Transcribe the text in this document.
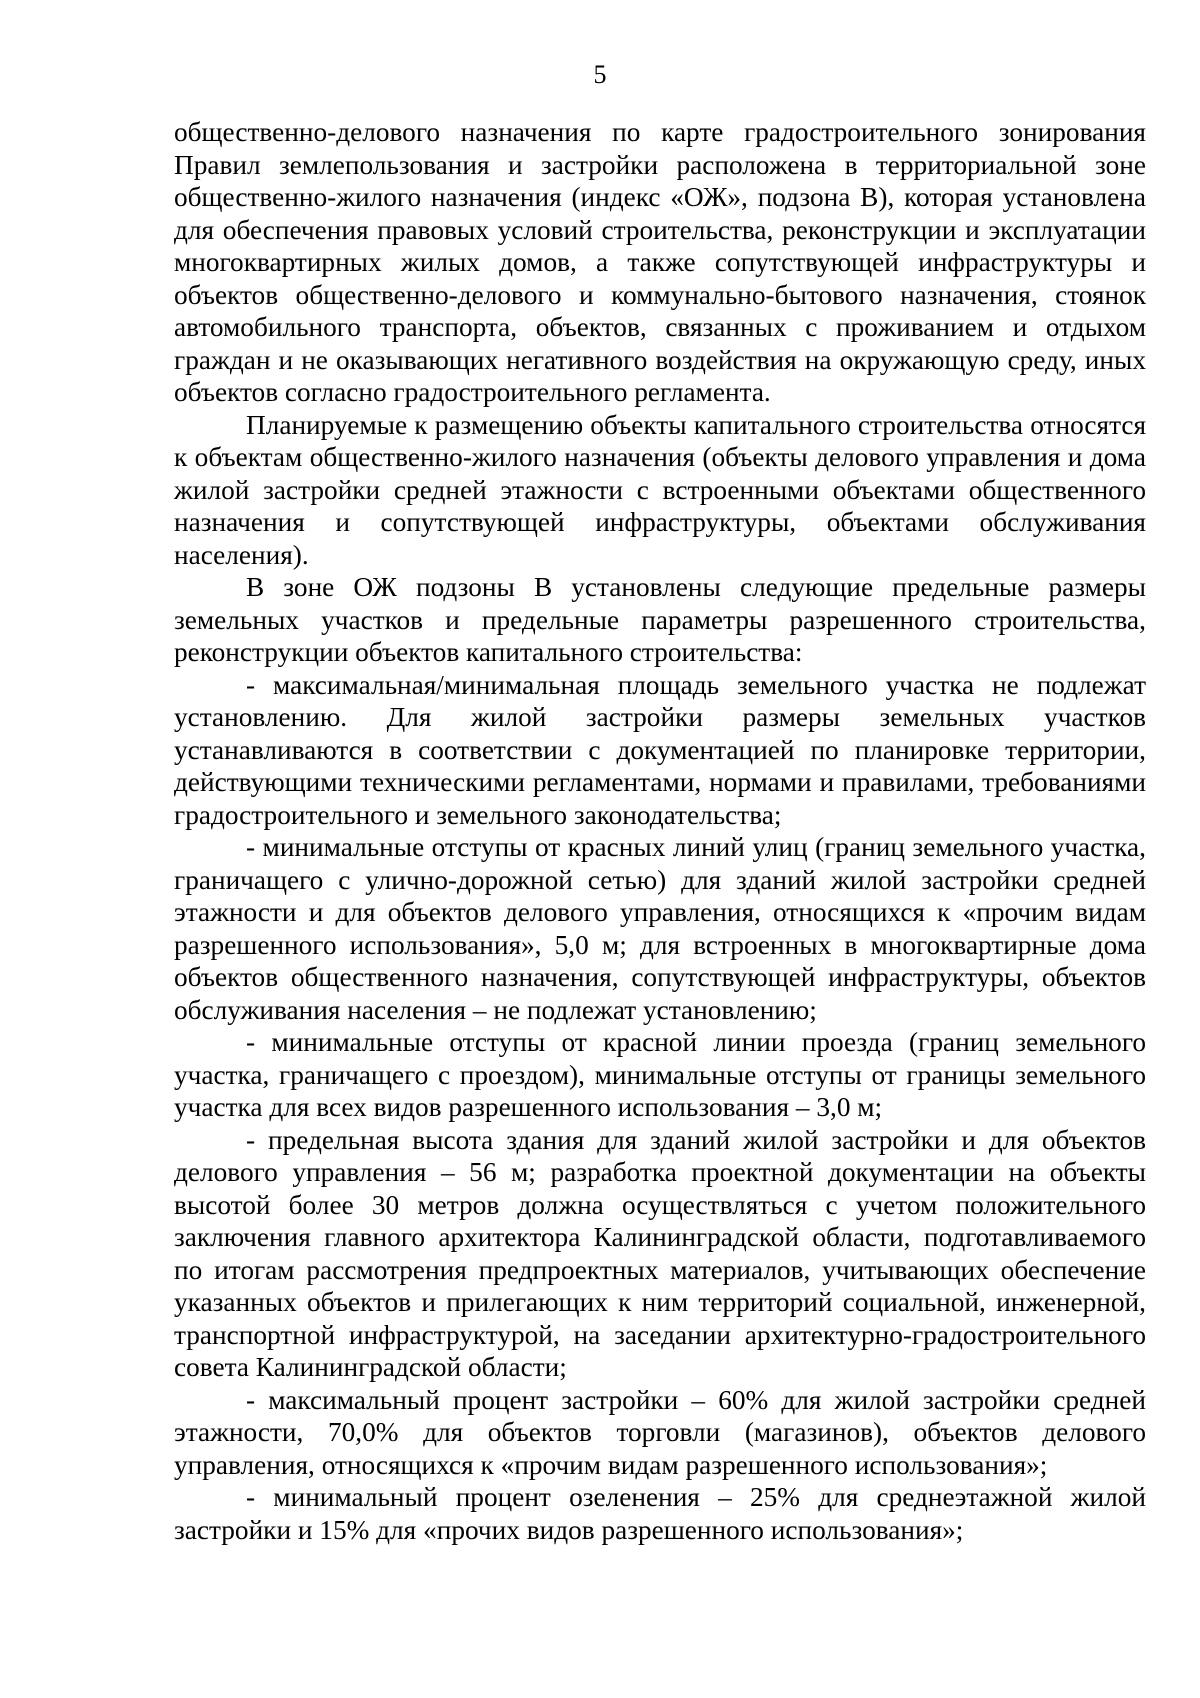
5

общественно-делового назначения по карте градостроительного зонирования Правил землепользования и застройки расположена в территориальной зоне общественно-жилого назначения (индекс «ОЖ», подзона В), которая установлена для обеспечения правовых условий строительства, реконструкции и эксплуатации многоквартирных жилых домов, а также сопутствующей инфраструктуры и объектов общественно-делового и коммунально-бытового назначения, стоянок автомобильного транспорта, объектов, связанных с проживанием и отдыхом граждан и не оказывающих негативного воздействия на окружающую среду, иных объектов согласно градостроительного регламента.

Планируемые к размещению объекты капитального строительства относятся к объектам общественно-жилого назначения (объекты делового управления и дома жилой застройки средней этажности с встроенными объектами общественного назначения и сопутствующей инфраструктуры, объектами обслуживания населения).

В зоне ОЖ подзоны В установлены следующие предельные размеры земельных участков и предельные параметры разрешенного строительства, реконструкции объектов капитального строительства:

- максимальная/минимальная площадь земельного участка не подлежат установлению. Для жилой застройки размеры земельных участков устанавливаются в соответствии с документацией по планировке территории, действующими техническими регламентами, нормами и правилами, требованиями градостроительного и земельного законодательства;

- минимальные отступы от красных линий улиц (границ земельного участка, граничащего с улично-дорожной сетью) для зданий жилой застройки средней этажности и для объектов делового управления, относящихся к «прочим видам разрешенного использования», 5,0 м; для встроенных в многоквартирные дома объектов общественного назначения, сопутствующей инфраструктуры, объектов обслуживания населения – не подлежат установлению;

- минимальные отступы от красной линии проезда (границ земельного участка, граничащего с проездом), минимальные отступы от границы земельного участка для всех видов разрешенного использования – 3,0 м;

- предельная высота здания для зданий жилой застройки и для объектов делового управления – 56 м; разработка проектной документации на объекты высотой более 30 метров должна осуществляться с учетом положительного заключения главного архитектора Калининградской области, подготавливаемого по итогам рассмотрения предпроектных материалов, учитывающих обеспечение указанных объектов и прилегающих к ним территорий социальной, инженерной, транспортной инфраструктурой, на заседании архитектурно-градостроительного совета Калининградской области;

- максимальный процент застройки – 60% для жилой застройки средней этажности, 70,0% для объектов торговли (магазинов), объектов делового управления, относящихся к «прочим видам разрешенного использования»;

- минимальный процент озеленения – 25% для среднеэтажной жилой застройки и 15% для «прочих видов разрешенного использования»;
